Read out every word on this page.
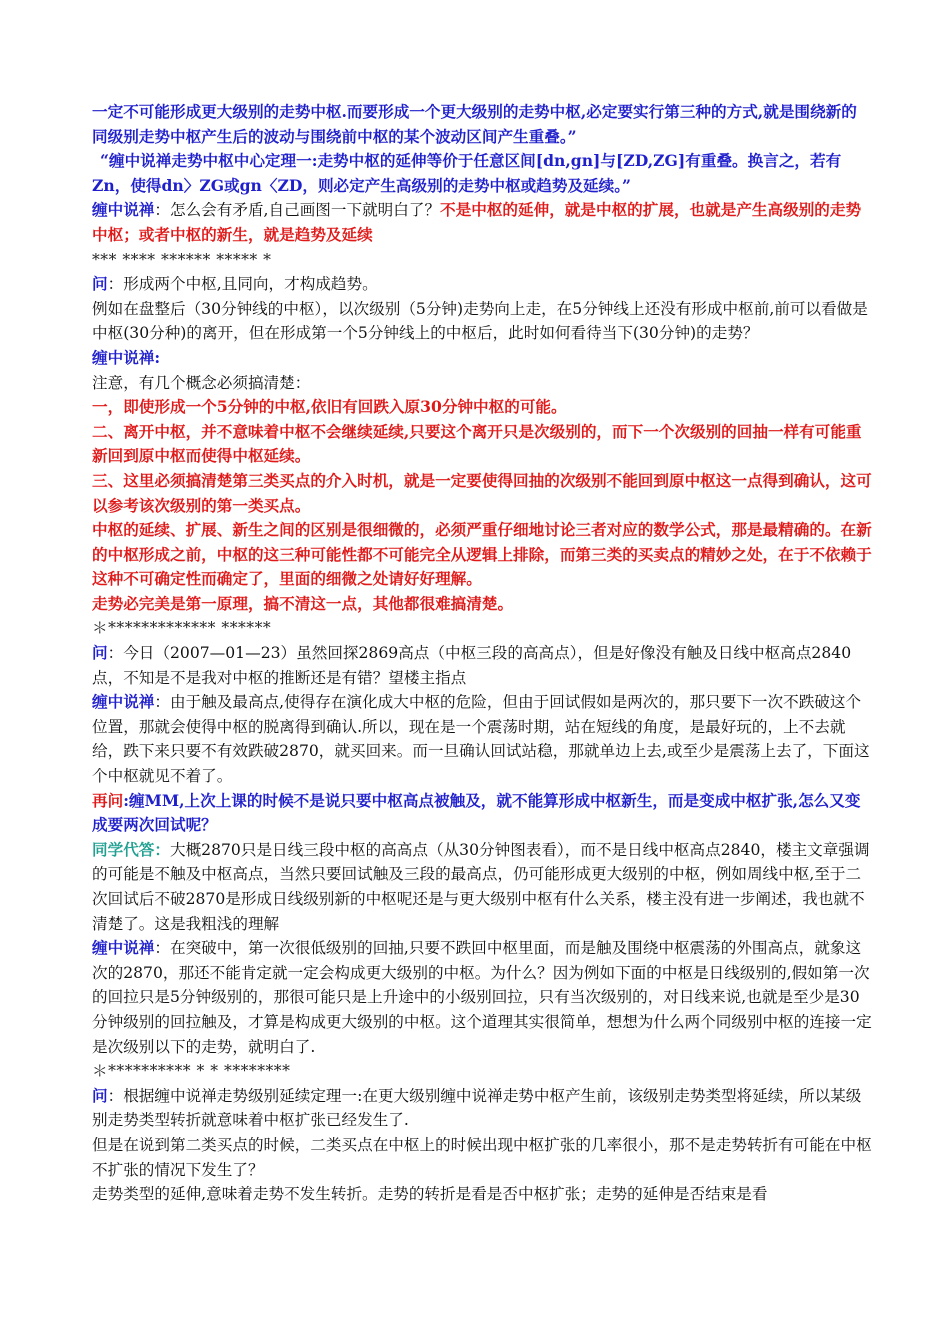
一定不可能形成更大级别的走势中枢.而要形成一个更大级别的走势中枢,必定要实行第三种的方式,就是围绕新的同级别走势中枢产生后的波动与围绕前中枢的某个波动区间产生重叠。”

“缠中说禅走势中枢中心定理一:走势中枢的延伸等价于任意区间[dn,gn]与[ZD,ZG]有重叠。换言之，若有Zn，使得dn〉ZG或gn〈ZD，则必定产生高级别的走势中枢或趋势及延续。”

缠中说禅：怎么会有矛盾,自己画图一下就明白了？不是中枢的延伸，就是中枢的扩展，也就是产生高级别的走势中枢；或者中枢的新生，就是趋势及延续

*** **** ****** ***** *

问：形成两个中枢,且同向，才构成趋势。

例如在盘整后（30分钟线的中枢），以次级别（5分钟)走势向上走，在5分钟线上还没有形成中枢前,前可以看做是中枢(30分种)的离开，但在形成第一个5分钟线上的中枢后，此时如何看待当下(30分钟)的走势？

缠中说禅:

注意，有几个概念必须搞清楚：

一，即使形成一个5分钟的中枢,依旧有回跌入原30分钟中枢的可能。

二、离开中枢，并不意味着中枢不会继续延续,只要这个离开只是次级别的，而下一个次级别的回抽一样有可能重新回到原中枢而使得中枢延续。

三、这里必须搞清楚第三类买点的介入时机，就是一定要使得回抽的次级别不能回到原中枢这一点得到确认，这可以参考该次级别的第一类买点。

中枢的延续、扩展、新生之间的区别是很细微的，必须严重仔细地讨论三者对应的数学公式，那是最精确的。在新的中枢形成之前，中枢的这三种可能性都不可能完全从逻辑上排除，而第三类的买卖点的精妙之处，在于不依赖于这种不可确定性而确定了，里面的细微之处请好好理解。

走势必完美是第一原理，搞不清这一点，其他都很难搞清楚。

＊************* ******

问：今日（2007—01—23）虽然回探2869高点（中枢三段的高高点），但是好像没有触及日线中枢高点2840点，不知是不是我对中枢的推断还是有错？望楼主指点

缠中说禅：由于触及最高点,使得存在演化成大中枢的危险，但由于回试假如是两次的，那只要下一次不跌破这个位置，那就会使得中枢的脱离得到确认.所以，现在是一个震荡时期，站在短线的角度，是最好玩的，上不去就给，跌下来只要不有效跌破2870，就买回来。而一旦确认回试站稳，那就单边上去,或至少是震荡上去了，下面这个中枢就见不着了。

再问:缠MM,上次上课的时候不是说只要中枢高点被触及，就不能算形成中枢新生，而是变成中枢扩张,怎么又变成要两次回试呢？

同学代答：大概2870只是日线三段中枢的高高点（从30分钟图表看），而不是日线中枢高点2840，楼主文章强调的可能是不触及中枢高点，当然只要回试触及三段的最高点，仍可能形成更大级别的中枢，例如周线中枢,至于二次回试后不破2870是形成日线级别新的中枢呢还是与更大级别中枢有什么关系，楼主没有进一步阐述，我也就不清楚了。这是我粗浅的理解

缠中说禅：在突破中，第一次很低级别的回抽,只要不跌回中枢里面，而是触及围绕中枢震荡的外围高点，就象这次的2870，那还不能肯定就一定会构成更大级别的中枢。为什么？因为例如下面的中枢是日线级别的,假如第一次的回拉只是5分钟级别的，那很可能只是上升途中的小级别回拉，只有当次级别的，对日线来说,也就是至少是30分钟级别的回拉触及，才算是构成更大级别的中枢。这个道理其实很简单，想想为什么两个同级别中枢的连接一定是次级别以下的走势，就明白了.

＊********** * * ********

问：根据缠中说禅走势级别延续定理一:在更大级别缠中说禅走势中枢产生前，该级别走势类型将延续，所以某级别走势类型转折就意味着中枢扩张已经发生了.

但是在说到第二类买点的时候，二类买点在中枢上的时候出现中枢扩张的几率很小，那不是走势转折有可能在中枢不扩张的情况下发生了？

走势类型的延伸,意味着走势不发生转折。走势的转折是看是否中枢扩张；走势的延伸是否结束是看
